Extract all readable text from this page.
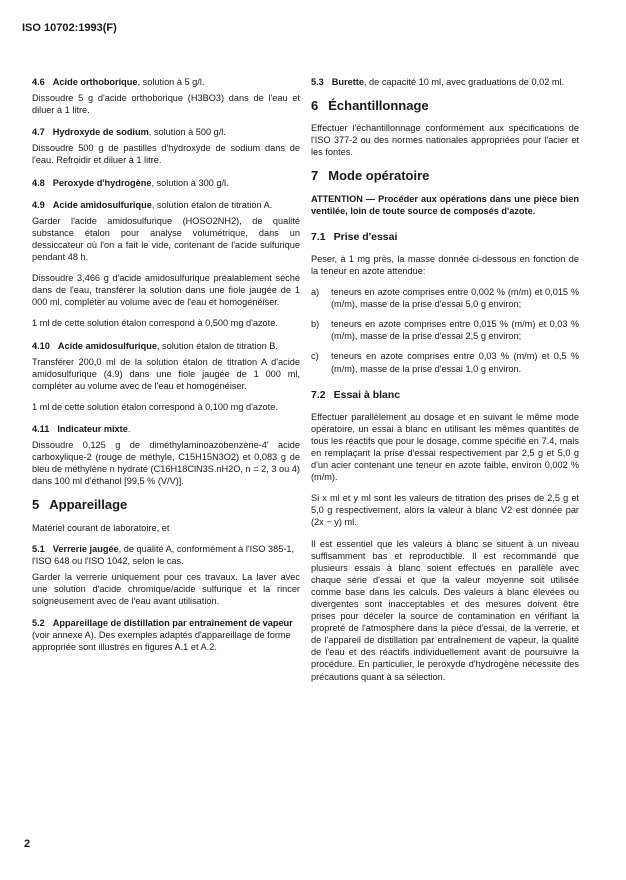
ISO 10702:1993(F)
4.6 Acide orthoborique, solution à 5 g/l.

Dissoudre 5 g d'acide orthoborique (H3BO3) dans de l'eau et diluer à 1 litre.

4.7 Hydroxyde de sodium, solution à 500 g/l.

Dissoudre 500 g de pastilles d'hydroxyde de sodium dans de l'eau. Refroidir et diluer à 1 litre.

4.8 Peroxyde d'hydrogène, solution à 300 g/l.
4.9 Acide amidosulfurique, solution étalon de titration A.

Garder l'acide amidosulfurique (HOSO2NH2), de qualité substance étalon pour analyse volumétrique, dans un dessiccateur où l'on a fait le vide, contenant de l'acide sulfurique pendant 48 h.

Dissoudre 3,466 g d'acide amidosulfurique préalablement séché dans de l'eau, transférer la solution dans une fiole jaugée de 1 000 ml, compléter au volume avec de l'eau et homogénéiser.

1 ml de cette solution étalon correspond à 0,500 mg d'azote.

4.10 Acide amidosulfurique, solution étalon de titration B.

Transférer 200,0 ml de la solution étalon de titration A d'acide amidosulfurique (4.9) dans une fiole jaugée de 1 000 ml, compléter au volume avec de l'eau et homogénéiser.

1 ml de cette solution étalon correspond à 0,100 mg d'azote.

4.11 Indicateur mixte.

Dissoudre 0,125 g de diméthylaminoazobenzène-4' acide carboxylique-2 (rouge de méthyle, C15H15N3O2) et 0,083 g de bleu de méthylène n hydraté (C16H18ClN3S.nH2O, n = 2, 3 ou 4) dans 100 ml d'éthanol [99,5 % (V/V)].

5 Appareillage

Matériel courant de laboratoire, et

5.1 Verrerie jaugée, de qualité A, conformément à l'ISO 385-1, l'ISO 648 ou l'ISO 1042, selon le cas.

Garder la verrerie uniquement pour ces travaux. La laver avec une solution d'acide chromique/acide sulfurique et la rincer soigneusement avec de l'eau avant utilisation.

5.2 Appareillage de distillation par entraînement de vapeur (voir annexe A). Des exemples adaptés d'appareillage de forme appropriée sont illustrés en figures A.1 et A.2.
5.3 Burette, de capacité 10 ml, avec graduations de 0,02 ml.
6 Échantillonnage

Effectuer l'échantillonnage conformément aux spécifications de l'ISO 377-2 ou des normes nationales appropriées pour l'acier et les fontes.

7 Mode opératoire
ATTENTION — Procéder aux opérations dans une pièce bien ventilée, loin de toute source de composés d'azote.
7.1 Prise d'essai

Peser, à 1 mg près, la masse donnée ci-dessous en fonction de la teneur en azote attendue:

a) teneurs en azote comprises entre 0,002 % (m/m) et 0,015 % (m/m), masse de la prise d'essai 5,0 g environ;
b) teneurs en azote comprises entre 0,015 % (m/m) et 0,03 % (m/m), masse de la prise d'essai 2,5 g environ;
c) teneurs en azote comprises entre 0,03 % (m/m) et 0,5 % (m/m), masse de la prise d'essai 1,0 g environ.
7.2 Essai à blanc

Effectuer parallèlement au dosage et en suivant le même mode opératoire, un essai à blanc en utilisant les mêmes quantités de tous les réactifs que pour le dosage, comme spécifié en 7.4, mais en remplaçant la prise d'essai respectivement par 2,5 g et 5,0 g d'un acier contenant une teneur en azote faible, environ 0,002 % (m/m).

Si x ml et y ml sont les valeurs de titration des prises de 2,5 g et 5,0 g respectivement, alors la valeur à blanc V2 est donnée par (2x − y) ml.

Il est essentiel que les valeurs à blanc se situent à un niveau suffisamment bas et reproductible. Il est recommandé que plusieurs essais à blanc soient effectués en parallèle avec chaque série d'essai et que la valeur moyenne soit utilisée comme base dans les calculs. Des valeurs à blanc élevées ou divergentes sont inacceptables et des mesures doivent être prises pour déceler la source de contamination en vérifiant la propreté de l'atmosphère dans la pièce d'essai, de la verrerie, et de l'appareil de distillation par entraînement de vapeur, la qualité de l'eau et des réactifs individuellement avant de poursuivre la procédure. En particulier, le peroxyde d'hydrogène nécessite des précautions quant à sa sélection.

2
